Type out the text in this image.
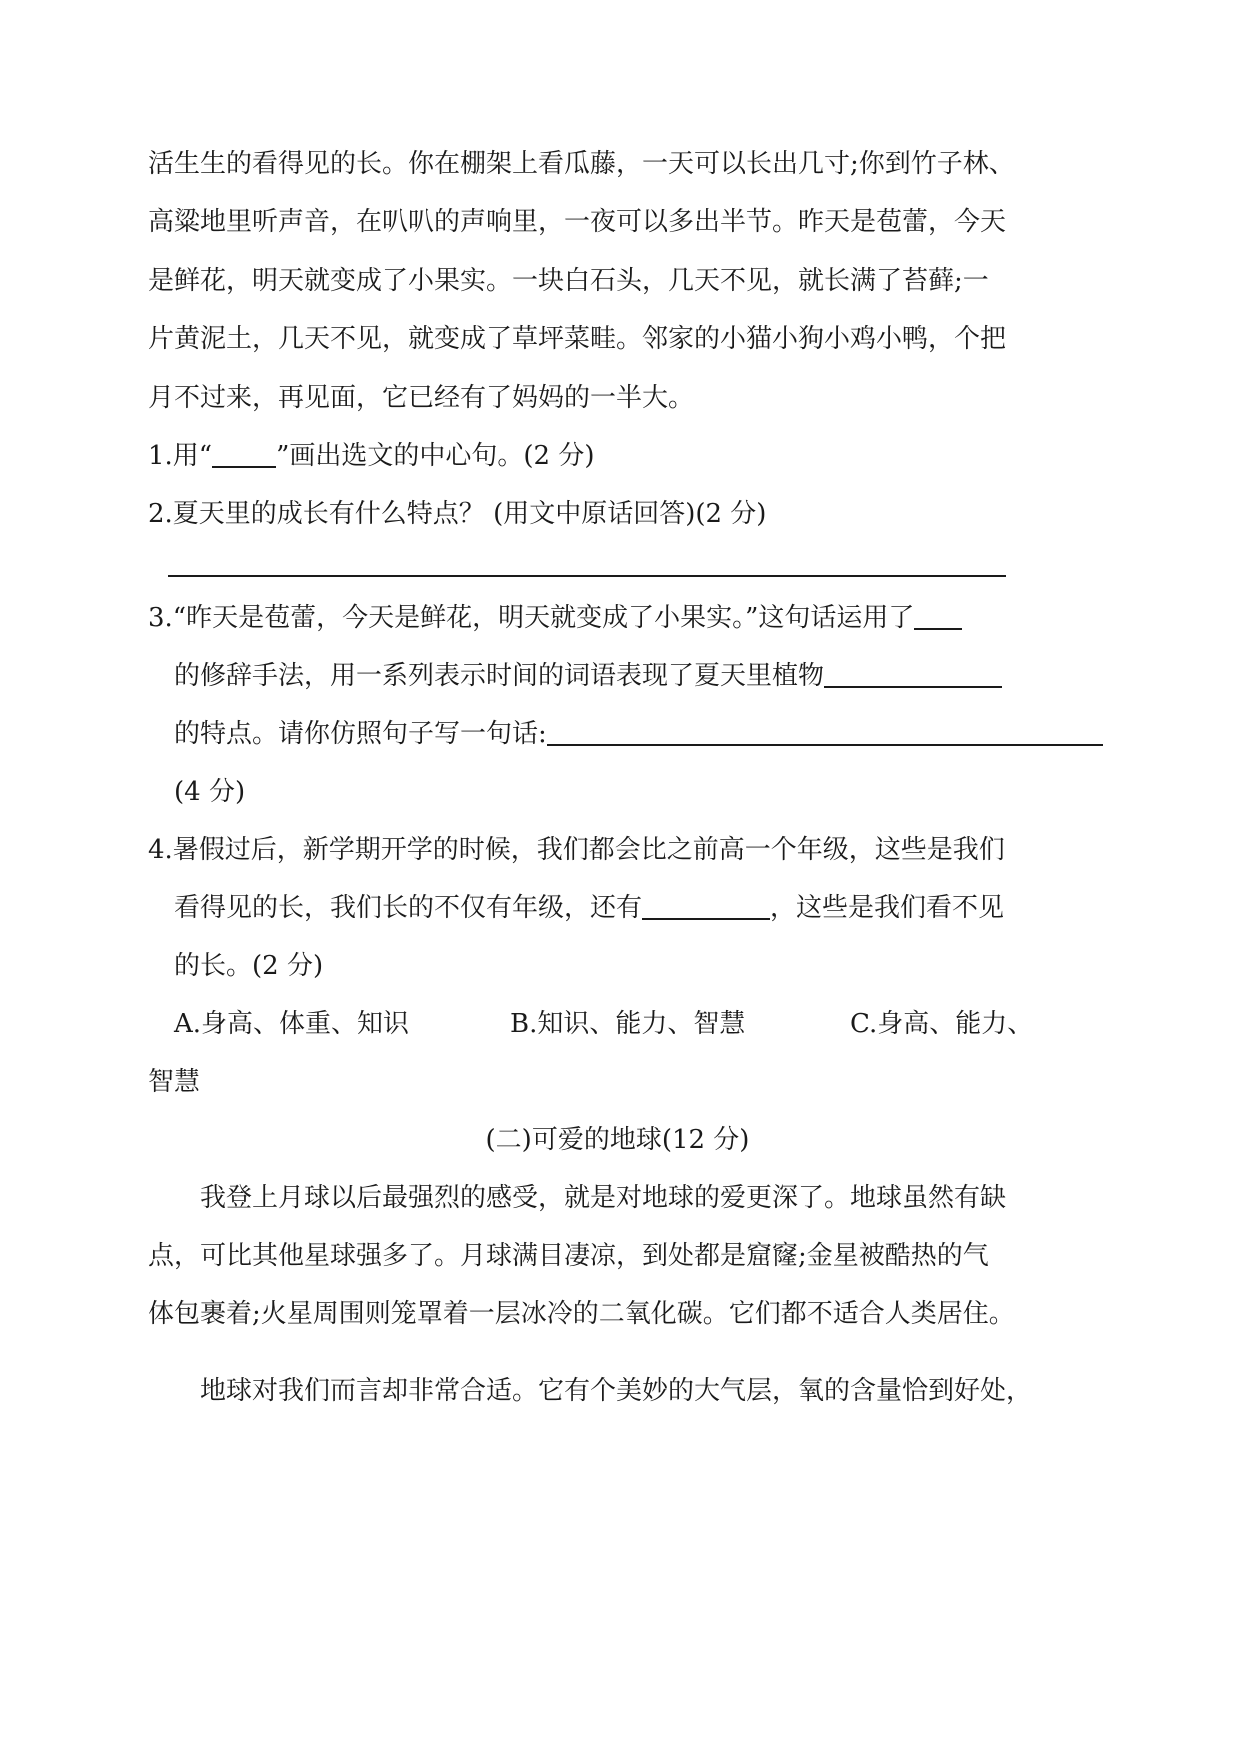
活生生的看得见的长。你在棚架上看瓜藤，一天可以长出几寸;你到竹子林、
高粱地里听声音，在叭叭的声响里，一夜可以多出半节。昨天是苞蕾，今天
是鲜花，明天就变成了小果实。一块白石头，几天不见，就长满了苔藓;一
片黄泥土，几天不见，就变成了草坪菜畦。邻家的小猫小狗小鸡小鸭，个把
月不过来，再见面，它已经有了妈妈的一半大。
1.用“ ”画出选文的中心句。(2 分)
2.夏天里的成长有什么特点？ (用文中原话回答)(2 分)
3.“昨天是苞蕾，今天是鲜花，明天就变成了小果实。”这句话运用了
的修辞手法，用一系列表示时间的词语表现了夏天里植物
的特点。请你仿照句子写一句话:
(4 分)
4.暑假过后，新学期开学的时候，我们都会比之前高一个年级，这些是我们
看得见的长，我们长的不仅有年级，还有	，这些是我们看不见
的长。(2 分)
A.身高、体重、知识	B.知识、能力、智慧	C.身高、能力、
智慧
(二)可爱的地球(12 分)
我登上月球以后最强烈的感受，就是对地球的爱更深了。地球虽然有缺
点，可比其他星球强多了。月球满目凄凉，到处都是窟窿;金星被酷热的气
体包裹着;火星周围则笼罩着一层冰冷的二氧化碳。它们都不适合人类居住。
地球对我们而言却非常合适。它有个美妙的大气层，氧的含量恰到好处，
